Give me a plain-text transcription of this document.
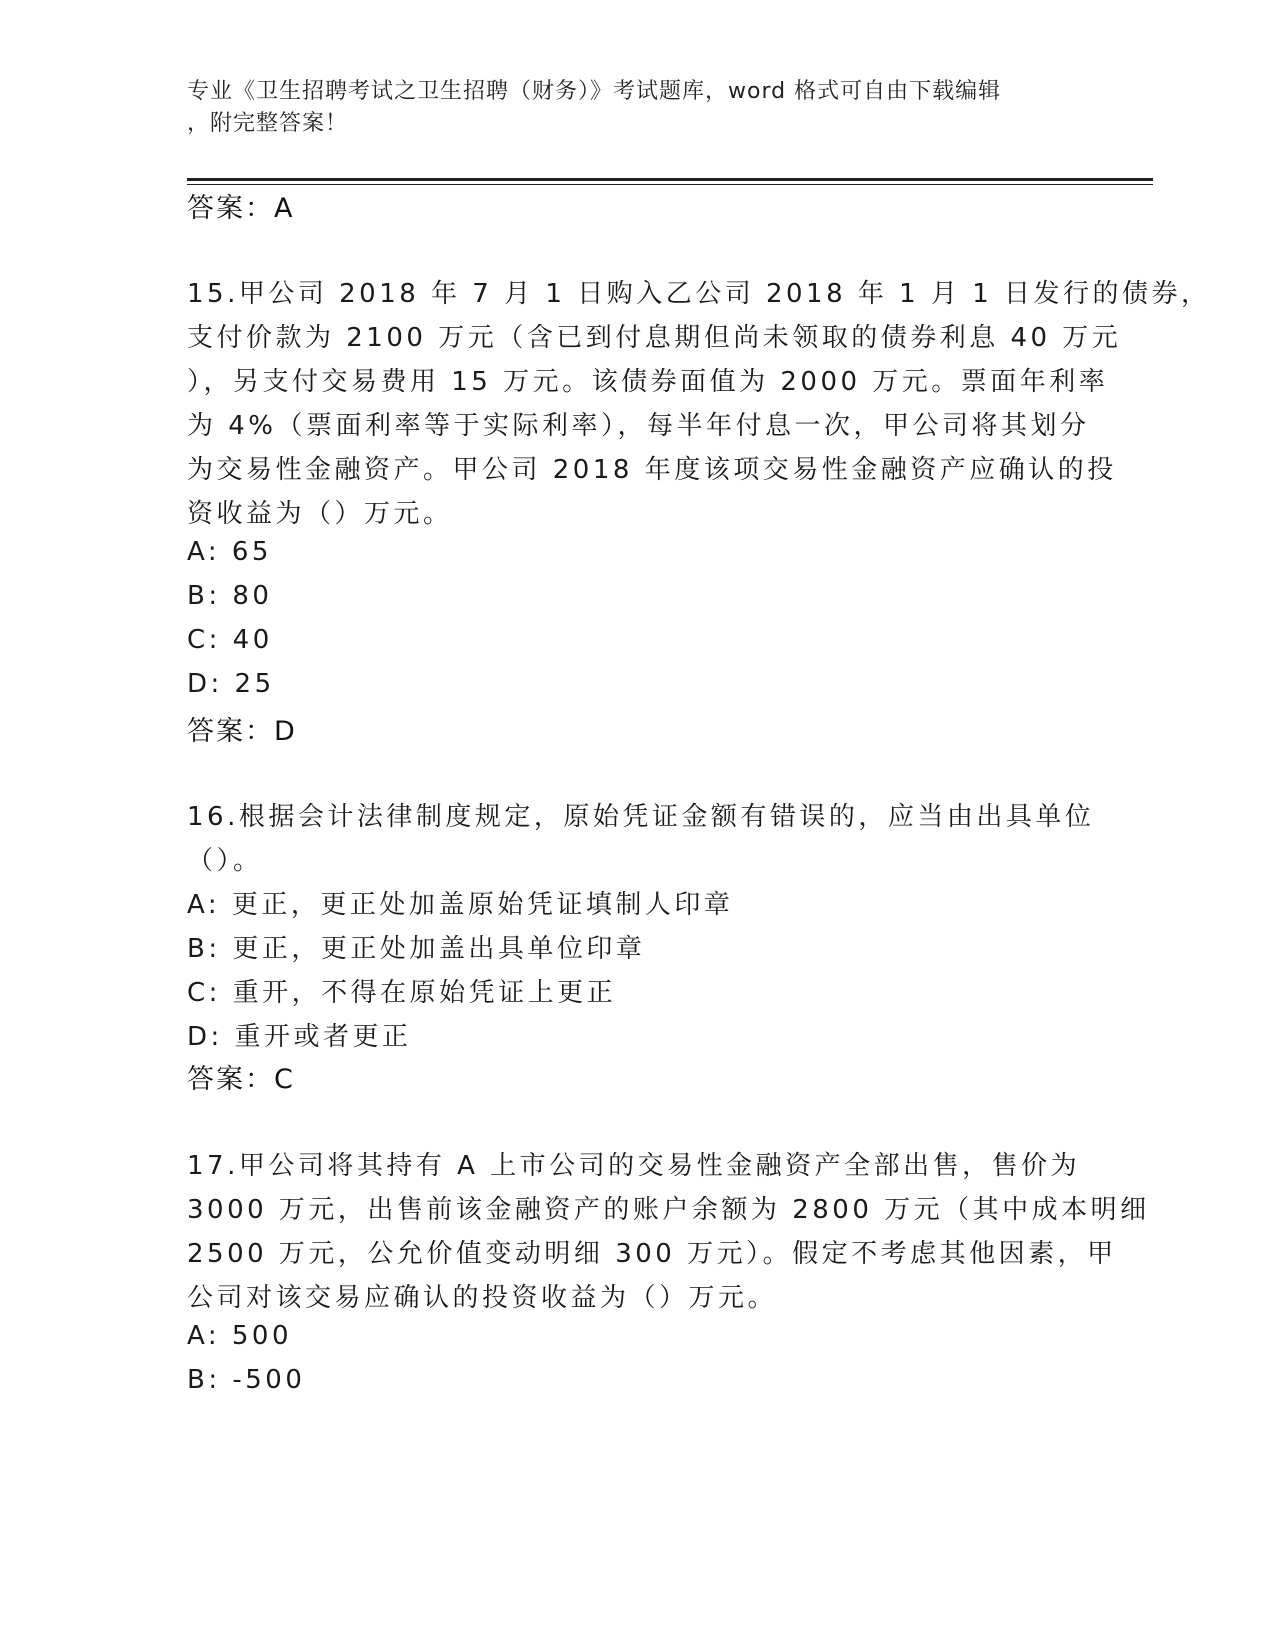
专业《卫生招聘考试之卫生招聘（财务）》考试题库，word 格式可自由下载编辑
，附完整答案！
答案：A
15.甲公司 2018 年 7 月 1 日购入乙公司 2018 年 1 月 1 日发行的债券，
支付价款为 2100 万元（含已到付息期但尚未领取的债券利息 40 万元
），另支付交易费用 15 万元。该债券面值为 2000 万元。票面年利率
为 4%（票面利率等于实际利率），每半年付息一次，甲公司将其划分
为交易性金融资产。甲公司 2018 年度该项交易性金融资产应确认的投
资收益为（）万元。
A: 65
B: 80
C: 40
D: 25
答案：D
16.根据会计法律制度规定，原始凭证金额有错误的，应当由出具单位
（）。
A: 更正，更正处加盖原始凭证填制人印章
B: 更正，更正处加盖出具单位印章
C: 重开，不得在原始凭证上更正
D: 重开或者更正
答案：C
17.甲公司将其持有 A 上市公司的交易性金融资产全部出售，售价为
3000 万元，出售前该金融资产的账户余额为 2800 万元（其中成本明细
2500 万元，公允价值变动明细 300 万元）。假定不考虑其他因素，甲
公司对该交易应确认的投资收益为（）万元。
A: 500
B: -500
